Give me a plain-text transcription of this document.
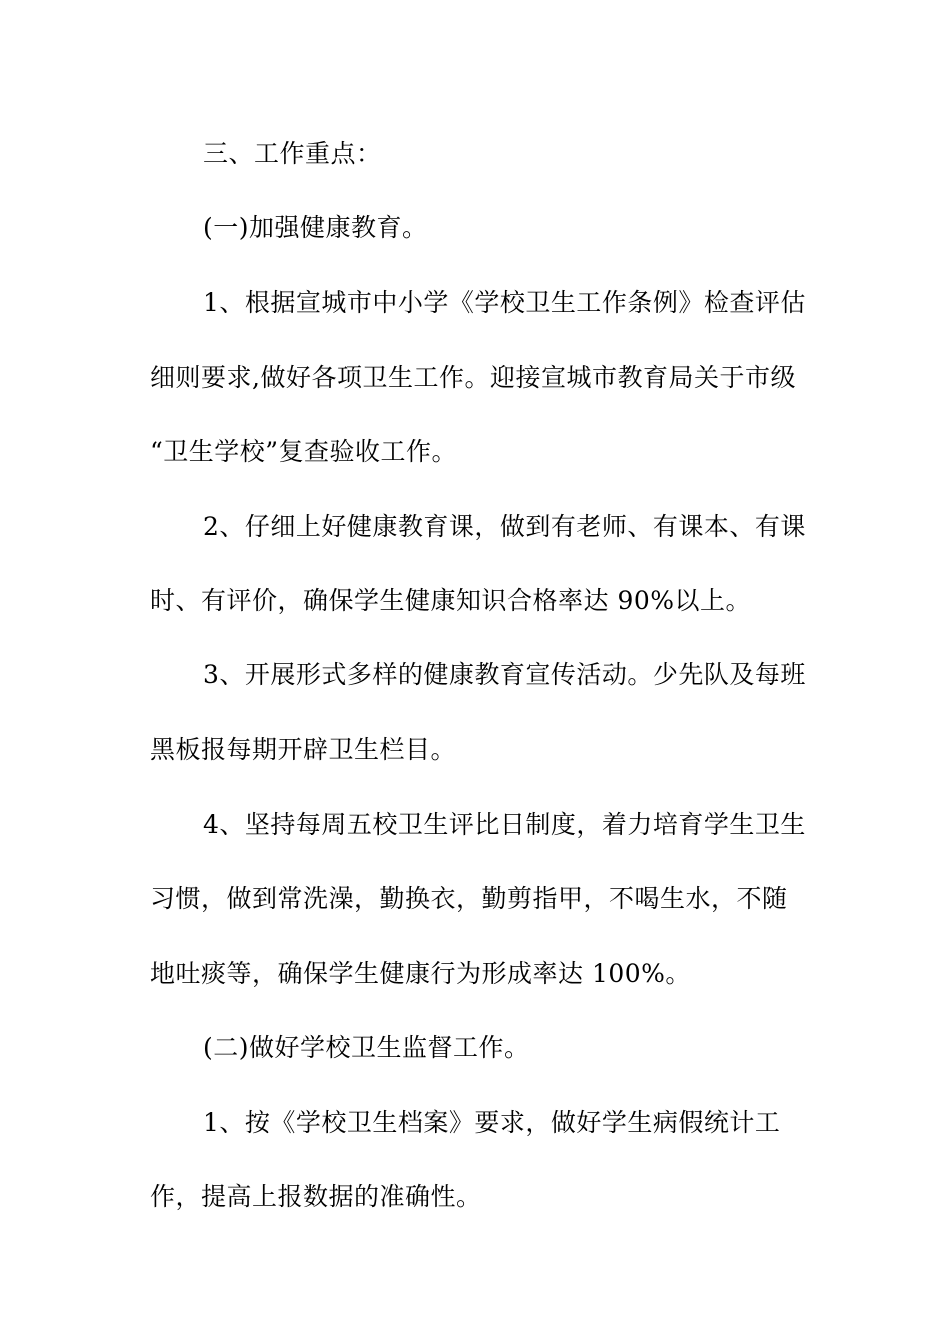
三、工作重点：
(一)加强健康教育。
1、根据宣城市中小学《学校卫生工作条例》检查评估
细则要求,做好各项卫生工作。迎接宣城市教育局关于市级
“卫生学校”复查验收工作。
2、仔细上好健康教育课，做到有老师、有课本、有课
时、有评价，确保学生健康知识合格率达 90%以上。
3、开展形式多样的健康教育宣传活动。少先队及每班
黑板报每期开辟卫生栏目。
4、坚持每周五校卫生评比日制度，着力培育学生卫生
习惯，做到常洗澡，勤换衣，勤剪指甲，不喝生水，不随
地吐痰等，确保学生健康行为形成率达 100%。
(二)做好学校卫生监督工作。
1、按《学校卫生档案》要求，做好学生病假统计工
作，提高上报数据的准确性。
